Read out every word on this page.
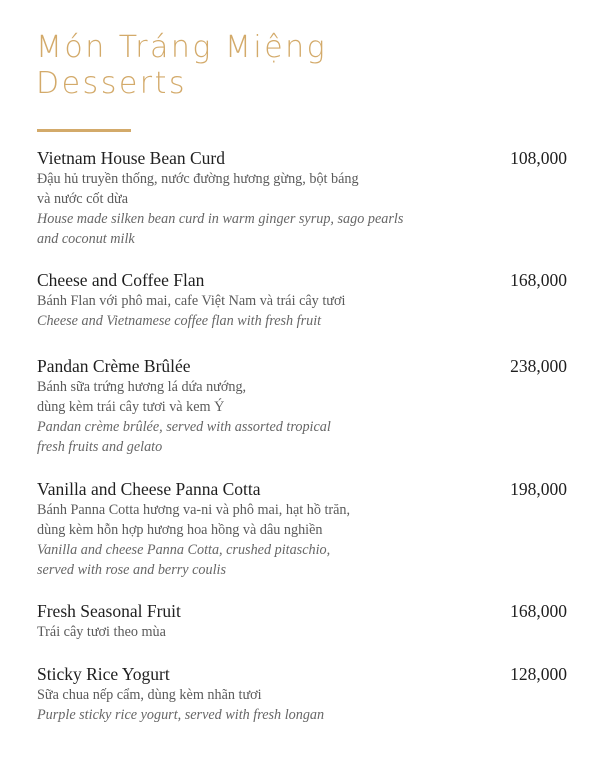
Món Tráng Miệng
Desserts
Vietnam House Bean Curd	108,000
Đậu hủ truyền thống, nước đường hương gừng, bột báng
và nước cốt dừa
House made silken bean curd in warm ginger syrup, sago pearls
and coconut milk
Cheese and Coffee Flan	168,000
Bánh Flan với phô mai, cafe Việt Nam và trái cây tươi
Cheese and Vietnamese coffee flan with fresh fruit
Pandan Crème Brûlée	238,000
Bánh sữa trứng hương lá dứa nướng,
dùng kèm trái cây tươi và kem Ý
Pandan crème brûlée, served with assorted tropical
fresh fruits and gelato
Vanilla and Cheese Panna Cotta	198,000
Bánh Panna Cotta hương va-ni và phô mai, hạt hồ trăn,
dùng kèm hỗn hợp hương hoa hồng và dâu nghiền
Vanilla and cheese Panna Cotta, crushed pitaschio,
served with rose and berry coulis
Fresh Seasonal Fruit	168,000
Trái cây tươi theo mùa
Sticky Rice Yogurt	128,000
Sữa chua nếp cẩm, dùng kèm nhãn tươi
Purple sticky rice yogurt, served with fresh longan
